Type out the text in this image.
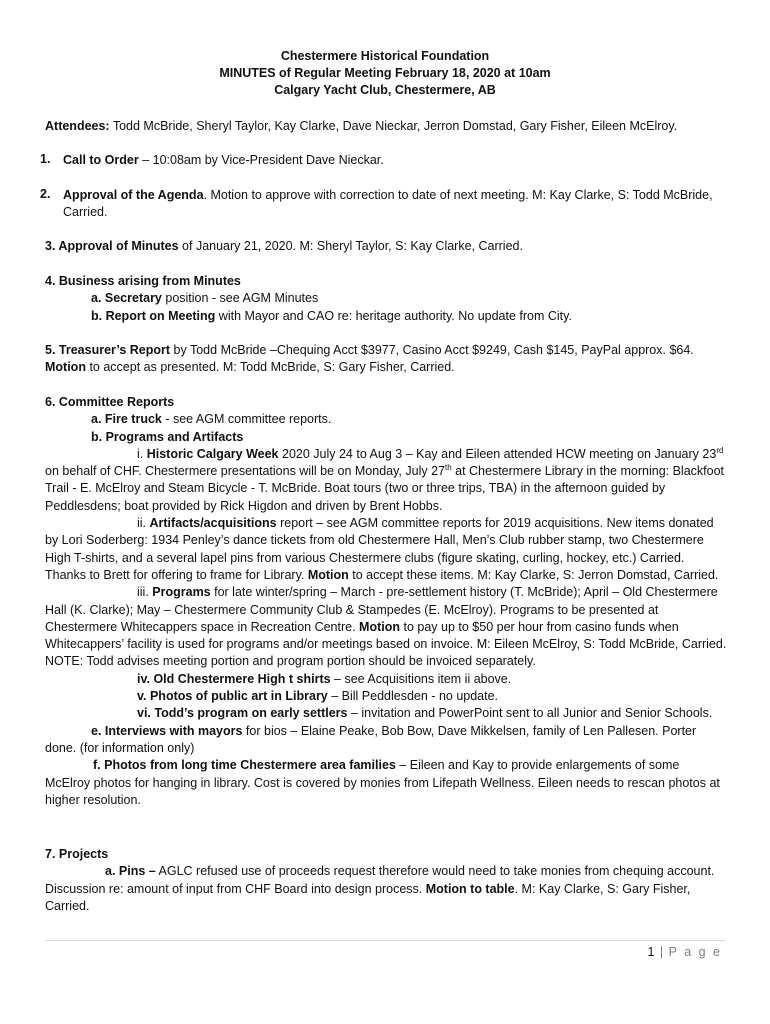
Chestermere Historical Foundation
MINUTES of Regular Meeting February 18, 2020 at 10am
Calgary Yacht Club, Chestermere, AB
Attendees: Todd McBride, Sheryl Taylor, Kay Clarke, Dave Nieckar, Jerron Domstad, Gary Fisher, Eileen McElroy.
1. Call to Order – 10:08am by Vice-President Dave Nieckar.
2. Approval of the Agenda. Motion to approve with correction to date of next meeting. M: Kay Clarke, S: Todd McBride, Carried.
3. Approval of Minutes of January 21, 2020. M: Sheryl Taylor, S: Kay Clarke, Carried.
4. Business arising from Minutes
a. Secretary position - see AGM Minutes
b. Report on Meeting with Mayor and CAO re: heritage authority. No update from City.
5. Treasurer’s Report by Todd McBride –Chequing Acct $3977, Casino Acct $9249, Cash $145, PayPal approx. $64.
Motion to accept as presented. M: Todd McBride, S: Gary Fisher, Carried.
6. Committee Reports
a. Fire truck - see AGM committee reports.
b. Programs and Artifacts
i. Historic Calgary Week 2020 July 24 to Aug 3 – Kay and Eileen attended HCW meeting on January 23rd on behalf of CHF. Chestermere presentations will be on Monday, July 27th at Chestermere Library in the morning: Blackfoot Trail - E. McElroy and Steam Bicycle - T. McBride. Boat tours (two or three trips, TBA) in the afternoon guided by Peddlesdens; boat provided by Rick Higdon and driven by Brent Hobbs.
ii. Artifacts/acquisitions report – see AGM committee reports for 2019 acquisitions. New items donated by Lori Soderberg: 1934 Penley’s dance tickets from old Chestermere Hall, Men’s Club rubber stamp, two Chestermere High T-shirts, and a several lapel pins from various Chestermere clubs (figure skating, curling, hockey, etc.) Carried. Thanks to Brett for offering to frame for Library. Motion to accept these items. M: Kay Clarke, S: Jerron Domstad, Carried.
iii. Programs for late winter/spring – March - pre-settlement history (T. McBride); April – Old Chestermere Hall (K. Clarke); May – Chestermere Community Club & Stampedes (E. McElroy). Programs to be presented at Chestermere Whitecappers space in Recreation Centre. Motion to pay up to $50 per hour from casino funds when Whitecappers’ facility is used for programs and/or meetings based on invoice. M: Eileen McElroy, S: Todd McBride, Carried. NOTE: Todd advises meeting portion and program portion should be invoiced separately.
iv. Old Chestermere High t shirts – see Acquisitions item ii above.
v. Photos of public art in Library – Bill Peddlesden - no update.
vi. Todd’s program on early settlers – invitation and PowerPoint sent to all Junior and Senior Schools.
e. Interviews with mayors for bios – Elaine Peake, Bob Bow, Dave Mikkelsen, family of Len Pallesen. Porter done. (for information only)
f. Photos from long time Chestermere area families – Eileen and Kay to provide enlargements of some McElroy photos for hanging in library. Cost is covered by monies from Lifepath Wellness. Eileen needs to rescan photos at higher resolution.
7. Projects
a. Pins – AGLC refused use of proceeds request therefore would need to take monies from chequing account. Discussion re: amount of input from CHF Board into design process. Motion to table. M: Kay Clarke, S: Gary Fisher, Carried.
1 | P a g e
